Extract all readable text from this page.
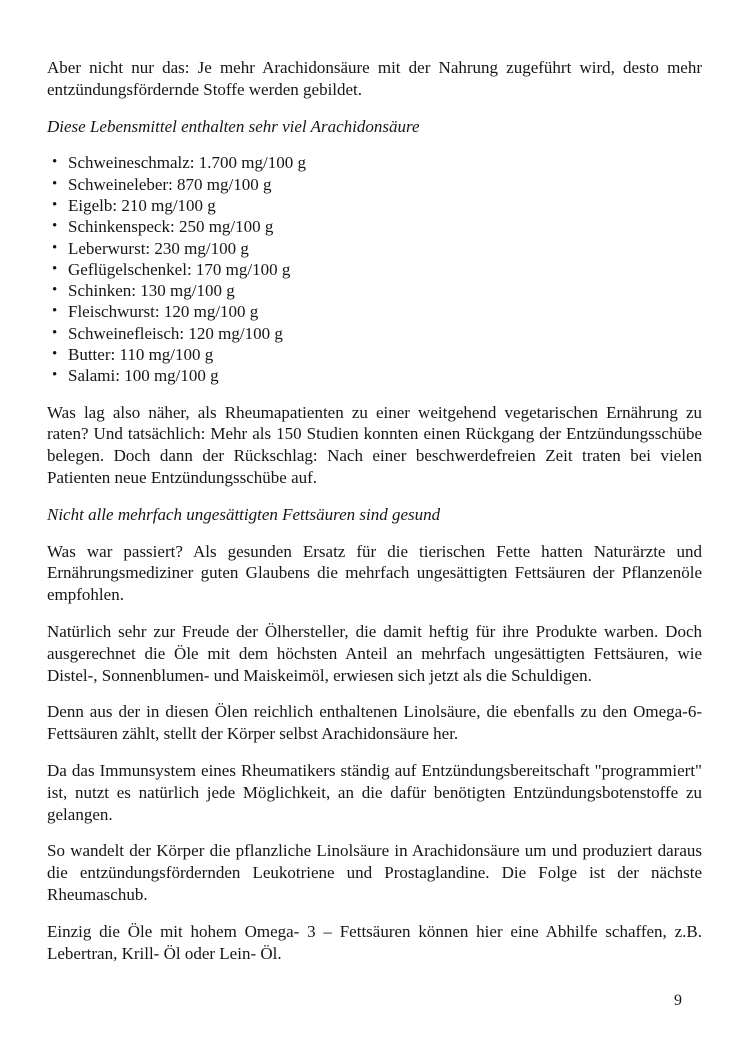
Aber nicht nur das: Je mehr Arachidonsäure mit der Nahrung zugeführt wird, desto mehr entzündungsfördernde Stoffe werden gebildet.

Diese Lebensmittel enthalten sehr viel Arachidonsäure

• Schweineschmalz: 1.700 mg/100 g
• Schweineleber: 870 mg/100 g
• Eigelb: 210 mg/100 g
• Schinkenspeck: 250 mg/100 g
• Leberwurst: 230 mg/100 g
• Geflügelschenkel: 170 mg/100 g
• Schinken: 130 mg/100 g
• Fleischwurst: 120 mg/100 g
• Schweinefleisch: 120 mg/100 g
• Butter: 110 mg/100 g
• Salami: 100 mg/100 g

Was lag also näher, als Rheumapatienten zu einer weitgehend vegetarischen Ernährung zu raten? Und tatsächlich: Mehr als 150 Studien konnten einen Rückgang der Entzündungsschübe belegen. Doch dann der Rückschlag: Nach einer beschwerdefreien Zeit traten bei vielen Patienten neue Entzündungsschübe auf.

Nicht alle mehrfach ungesättigten Fettsäuren sind gesund

Was war passiert? Als gesunden Ersatz für die tierischen Fette hatten Naturärzte und Ernährungsmediziner guten Glaubens die mehrfach ungesättigten Fettsäuren der Pflanzenöle empfohlen.

Natürlich sehr zur Freude der Ölhersteller, die damit heftig für ihre Produkte warben. Doch ausgerechnet die Öle mit dem höchsten Anteil an mehrfach ungesättigten Fettsäuren, wie Distel-, Sonnenblumen- und Maiskeimöl, erwiesen sich jetzt als die Schuldigen.

Denn aus der in diesen Ölen reichlich enthaltenen Linolsäure, die ebenfalls zu den Omega-6-Fettsäuren zählt, stellt der Körper selbst Arachidonsäure her.

Da das Immunsystem eines Rheumatikers ständig auf Entzündungsbereitschaft "programmiert" ist, nutzt es natürlich jede Möglichkeit, an die dafür benötigten Entzündungsbotenstoffe zu gelangen.

So wandelt der Körper die pflanzliche Linolsäure in Arachidonsäure um und produziert daraus die entzündungsfördernden Leukotriene und Prostaglandine. Die Folge ist der nächste Rheumaschub.

Einzig die Öle mit hohem Omega- 3 – Fettsäuren können hier eine Abhilfe schaffen, z.B. Lebertran, Krill- Öl oder Lein- Öl.

9
